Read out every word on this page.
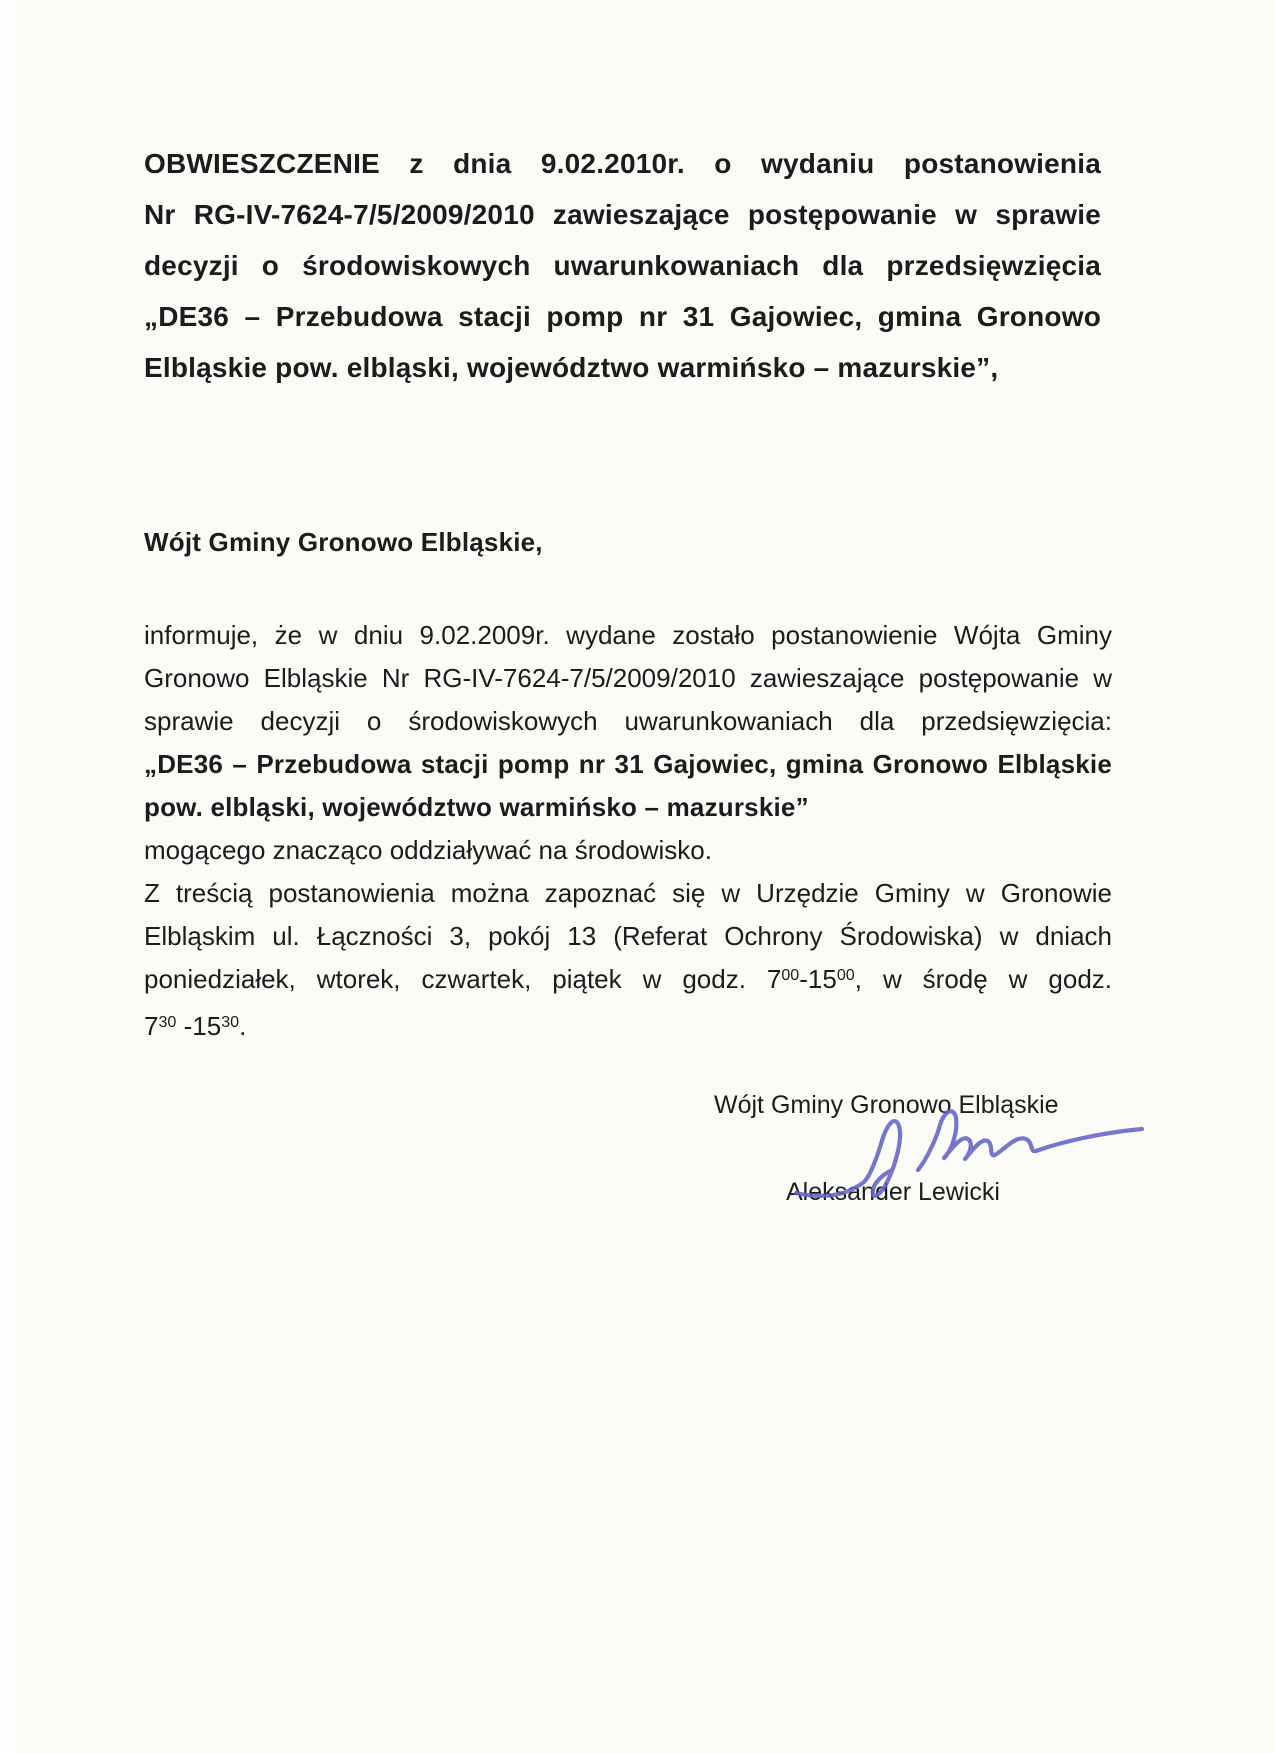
OBWIESZCZENIE z dnia 9.02.2010r. o wydaniu postanowienia
Nr RG-IV-7624-7/5/2009/2010 zawieszające postępowanie w sprawie
decyzji o środowiskowych uwarunkowaniach dla przedsięwzięcia
„DE36 – Przebudowa stacji pomp nr 31 Gajowiec, gmina Gronowo
Elbląskie pow. elbląski, województwo warmińsko – mazurskie”,
Wójt Gminy Gronowo Elbląskie,
informuje, że w dniu 9.02.2009r. wydane zostało postanowienie Wójta Gminy
Gronowo Elbląskie Nr RG-IV-7624-7/5/2009/2010 zawieszające postępowanie w
sprawie decyzji o środowiskowych uwarunkowaniach dla przedsięwzięcia:
„DE36 – Przebudowa stacji pomp nr 31 Gajowiec, gmina Gronowo Elbląskie
pow. elbląski, województwo warmińsko – mazurskie”
mogącego znacząco oddziaływać na środowisko.
Z treścią postanowienia można zapoznać się w Urzędzie Gminy w Gronowie
Elbląskim ul. Łączności 3, pokój 13 (Referat Ochrony Środowiska) w dniach
poniedziałek, wtorek, czwartek, piątek w godz. 700-1500, w środę w godz.
730 -1530.
Wójt Gminy Gronowo Elbląskie
Aleksander Lewicki
